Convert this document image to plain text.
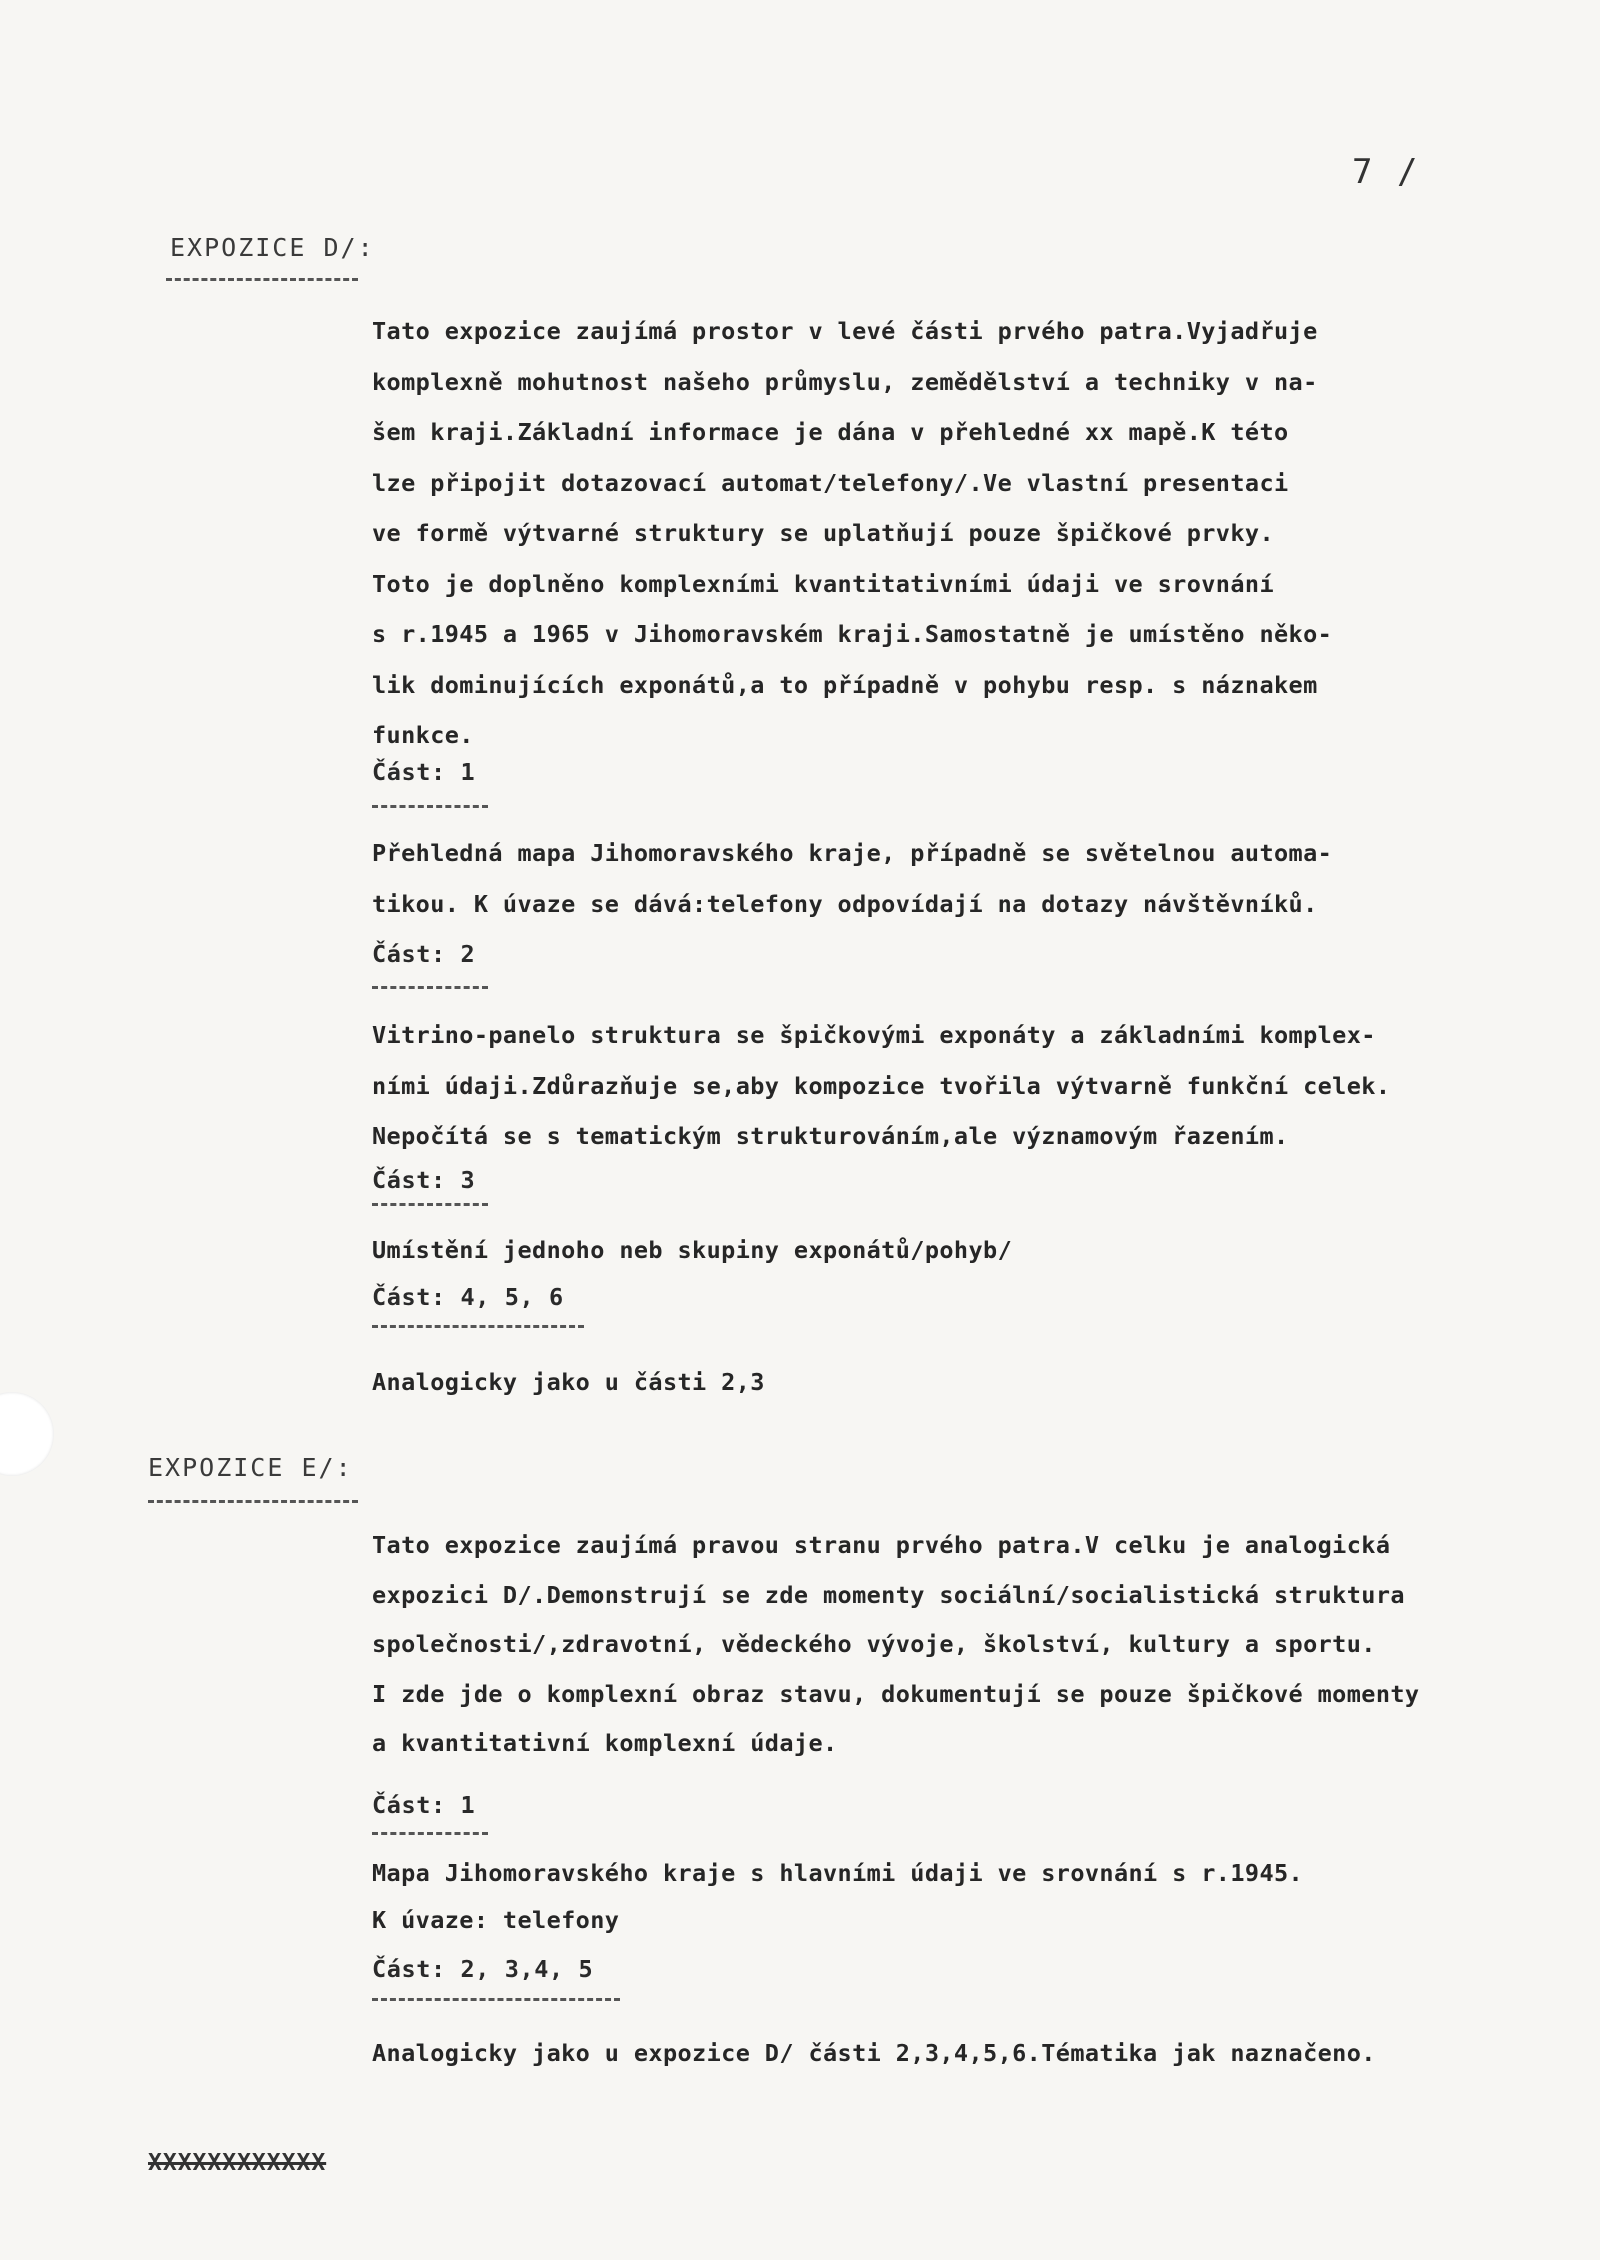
7 /
EXPOZICE D/:
Tato expozice zaujímá prostor v levé části prvého patra.Vyjadřuje
komplexně mohutnost našeho průmyslu, zemědělství a techniky v na-
šem kraji.Základní informace je dána v přehledné xx mapě.K této
lze připojit dotazovací automat/telefony/.Ve vlastní presentaci
ve formě výtvarné struktury se uplatňují pouze špičkové prvky.
Toto je doplněno komplexními kvantitativními údaji ve srovnání
s r.1945 a 1965 v Jihomoravském kraji.Samostatně je umístěno něko-
lik dominujících exponátů,a to případně v pohybu resp. s náznakem
funkce.
Část: 1
Přehledná mapa Jihomoravského kraje, případně se světelnou automa-
tikou. K úvaze se dává:telefony odpovídají na dotazy návštěvníků.
Část: 2
Vitrino-panelo struktura se špičkovými exponáty a základními komplex-
ními údaji.Zdůrazňuje se,aby kompozice tvořila výtvarně funkční celek.
Nepočítá se s tematickým strukturováním,ale významovým řazením.
Část: 3
Umístění jednoho neb skupiny exponátů/pohyb/
Část: 4, 5, 6
Analogicky jako u části 2,3
EXPOZICE E/:
Tato expozice zaujímá pravou stranu prvého patra.V celku je analogická
expozici D/.Demonstrují se zde momenty sociální/socialistická struktura
společnosti/,zdravotní, vědeckého vývoje, školství, kultury a sportu.
I zde jde o komplexní obraz stavu, dokumentují se pouze špičkové momenty
a kvantitativní komplexní údaje.
Část: 1
Mapa Jihomoravského kraje s hlavními údaji ve srovnání s r.1945.
K úvaze: telefony
Část: 2, 3,4, 5
Analogicky jako u expozice D/ části 2,3,4,5,6.Tématika jak naznačeno.
XXXXXXXXXXXX
